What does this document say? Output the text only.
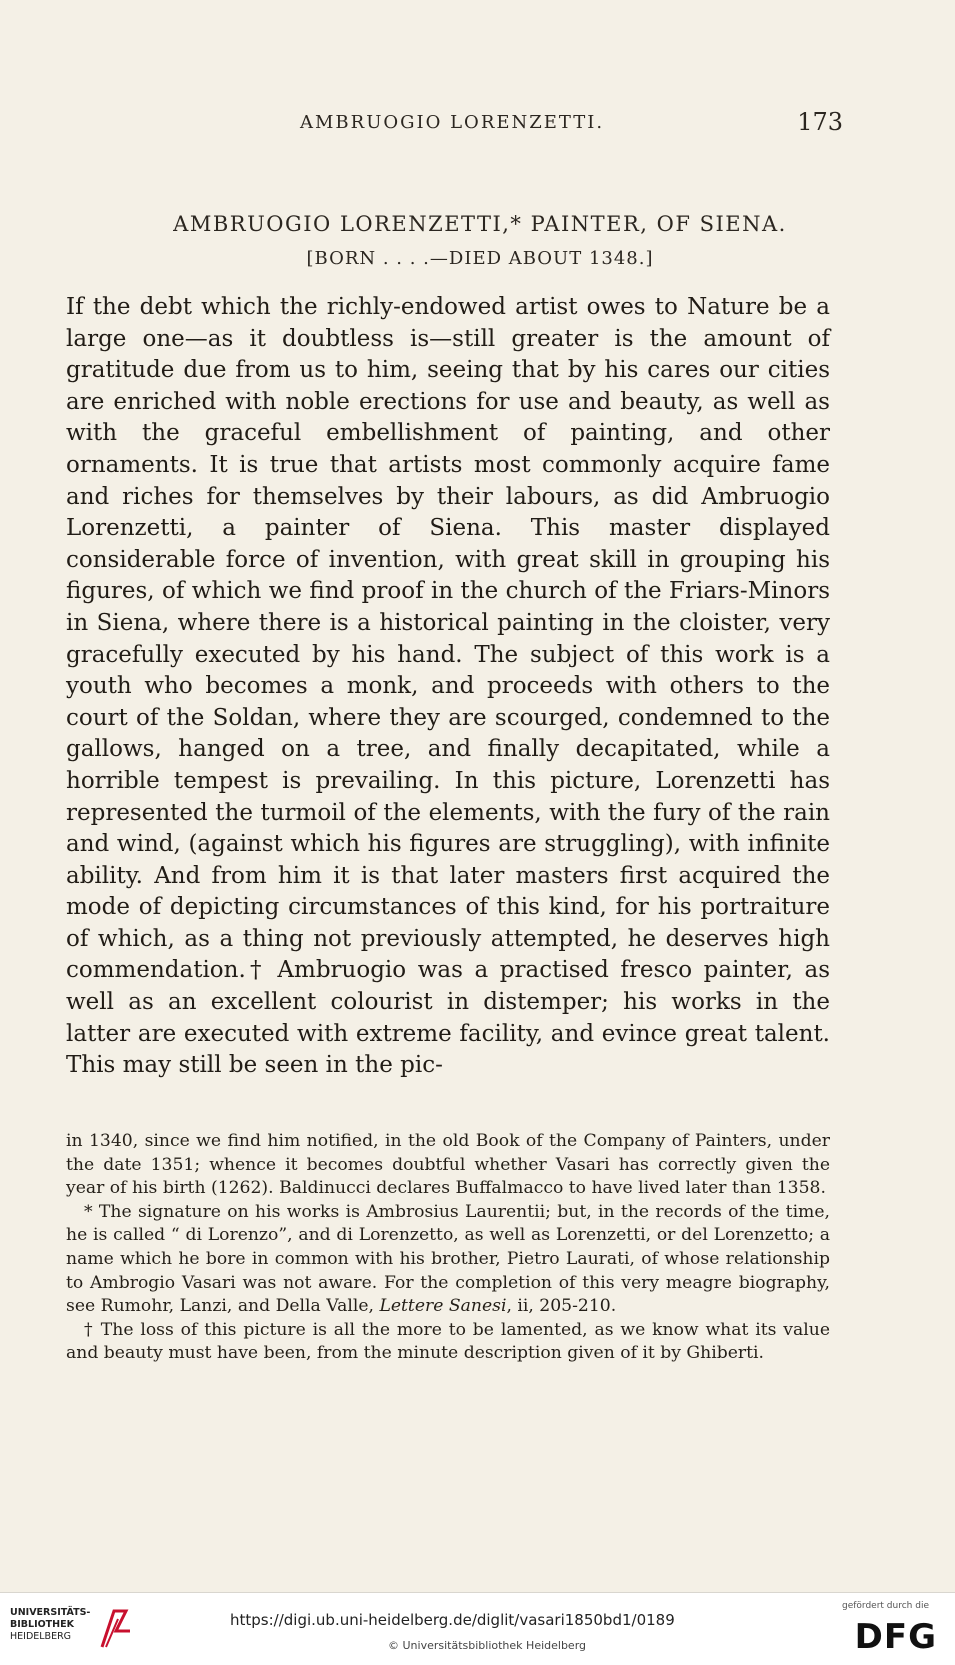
AMBRUOGIO LORENZETTI.	173
AMBRUOGIO LORENZETTI,* PAINTER, OF SIENA.
[BORN . . . .—DIED ABOUT 1348.]
If the debt which the richly-endowed artist owes to Nature be a large one—as it doubtless is—still greater is the amount of gratitude due from us to him, seeing that by his cares our cities are enriched with noble erections for use and beauty, as well as with the graceful embellishment of painting, and other ornaments. It is true that artists most commonly acquire fame and riches for themselves by their labours, as did Ambruogio Lorenzetti, a painter of Siena. This master displayed considerable force of invention, with great skill in grouping his figures, of which we find proof in the church of the Friars-Minors in Siena, where there is a historical painting in the cloister, very gracefully executed by his hand. The subject of this work is a youth who becomes a monk, and proceeds with others to the court of the Soldan, where they are scourged, condemned to the gallows, hanged on a tree, and finally decapitated, while a horrible tempest is prevailing. In this picture, Lorenzetti has represented the turmoil of the elements, with the fury of the rain and wind, (against which his figures are struggling), with infinite ability. And from him it is that later masters first acquired the mode of depicting circumstances of this kind, for his portraiture of which, as a thing not previously attempted, he deserves high commendation.† Ambruogio was a practised fresco painter, as well as an excellent colourist in distemper; his works in the latter are executed with extreme facility, and evince great talent. This may still be seen in the pic-

in 1340, since we find him notified, in the old Book of the Company of Painters, under the date 1351; whence it becomes doubtful whether Vasari has correctly given the year of his birth (1262). Baldinucci declares Buffalmacco to have lived later than 1358.

* The signature on his works is Ambrosius Laurentii; but, in the records of the time, he is called “ di Lorenzo”, and di Lorenzetto, as well as Lorenzetti, or del Lorenzetto; a name which he bore in common with his brother, Pietro Laurati, of whose relationship to Ambrogio Vasari was not aware. For the completion of this very meagre biography, see Rumohr, Lanzi, and Della Valle, Lettere Sanesi, ii, 205-210.

† The loss of this picture is all the more to be lamented, as we know what its value and beauty must have been, from the minute description given of it by Ghiberti.

UNIVERSITÄTS-
BIBLIOTHEK
HEIDELBERG
https://digi.ub.uni-heidelberg.de/diglit/vasari1850bd1/0189
© Universitätsbibliothek Heidelberg
gefördert durch die
DFG
